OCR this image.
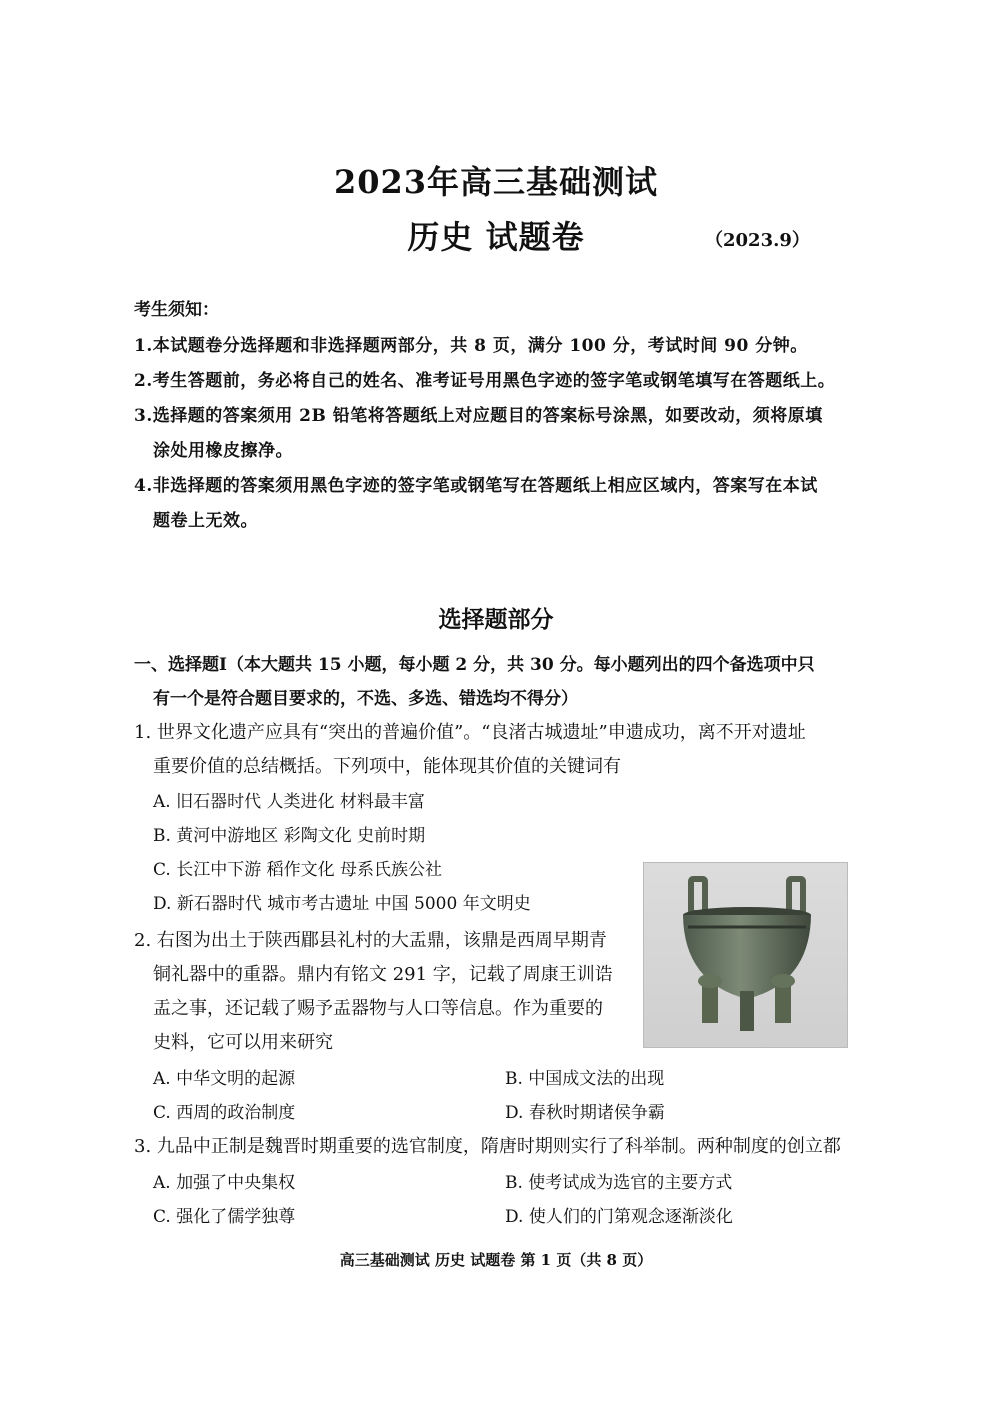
2023年高三基础测试
历史 试题卷	（2023.9）
考生须知：
1.本试题卷分选择题和非选择题两部分，共 8 页，满分 100 分，考试时间 90 分钟。
2.考生答题前，务必将自己的姓名、准考证号用黑色字迹的签字笔或钢笔填写在答题纸上。
3.选择题的答案须用 2B 铅笔将答题纸上对应题目的答案标号涂黑，如要改动，须将原填
涂处用橡皮擦净。
4.非选择题的答案须用黑色字迹的签字笔或钢笔写在答题纸上相应区域内，答案写在本试
题卷上无效。
选择题部分
一、选择题Ⅰ（本大题共 15 小题，每小题 2 分，共 30 分。每小题列出的四个备选项中只
有一个是符合题目要求的，不选、多选、错选均不得分）
1. 世界文化遗产应具有“突出的普遍价值”。“良渚古城遗址”申遗成功，离不开对遗址
重要价值的总结概括。下列项中，能体现其价值的关键词有
A. 旧石器时代 人类进化 材料最丰富
B. 黄河中游地区 彩陶文化 史前时期
C. 长江中下游 稻作文化 母系氏族公社
D. 新石器时代 城市考古遗址 中国 5000 年文明史
2. 右图为出土于陕西郿县礼村的大盂鼎，该鼎是西周早期青
铜礼器中的重器。鼎内有铭文 291 字，记载了周康王训诰
盂之事，还记载了赐予盂器物与人口等信息。作为重要的
史料，它可以用来研究
A. 中华文明的起源	B. 中国成文法的出现
C. 西周的政治制度	D. 春秋时期诸侯争霸
3. 九品中正制是魏晋时期重要的选官制度，隋唐时期则实行了科举制。两种制度的创立都
A. 加强了中央集权	B. 使考试成为选官的主要方式
C. 强化了儒学独尊	D. 使人们的门第观念逐渐淡化
高三基础测试 历史 试题卷 第 1 页（共 8 页）
